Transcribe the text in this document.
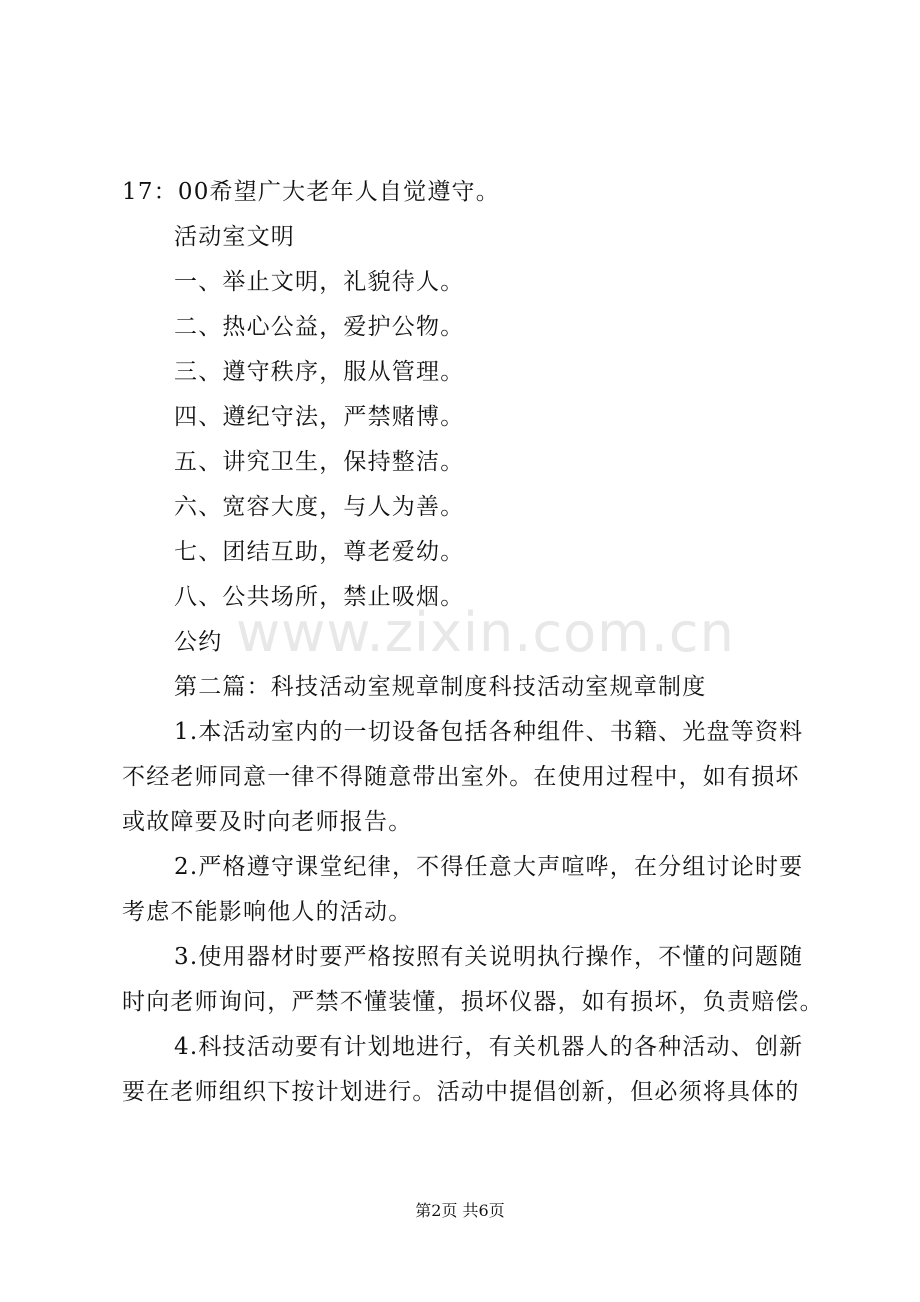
17：00希望广大老年人自觉遵守。
活动室文明
一、举止文明，礼貌待人。
二、热心公益，爱护公物。
三、遵守秩序，服从管理。
四、遵纪守法，严禁赌博。
五、讲究卫生，保持整洁。
六、宽容大度，与人为善。
七、团结互助，尊老爱幼。
八、公共场所，禁止吸烟。
公约
第二篇：科技活动室规章制度科技活动室规章制度
1.本活动室内的一切设备包括各种组件、书籍、光盘等资料
不经老师同意一律不得随意带出室外。在使用过程中，如有损坏
或故障要及时向老师报告。
2.严格遵守课堂纪律，不得任意大声喧哗，在分组讨论时要
考虑不能影响他人的活动。
3.使用器材时要严格按照有关说明执行操作，不懂的问题随
时向老师询问，严禁不懂装懂，损坏仪器，如有损坏，负责赔偿。
4.科技活动要有计划地进行，有关机器人的各种活动、创新
要在老师组织下按计划进行。活动中提倡创新，但必须将具体的
www.zixin.com.cn
第2页 共6页
